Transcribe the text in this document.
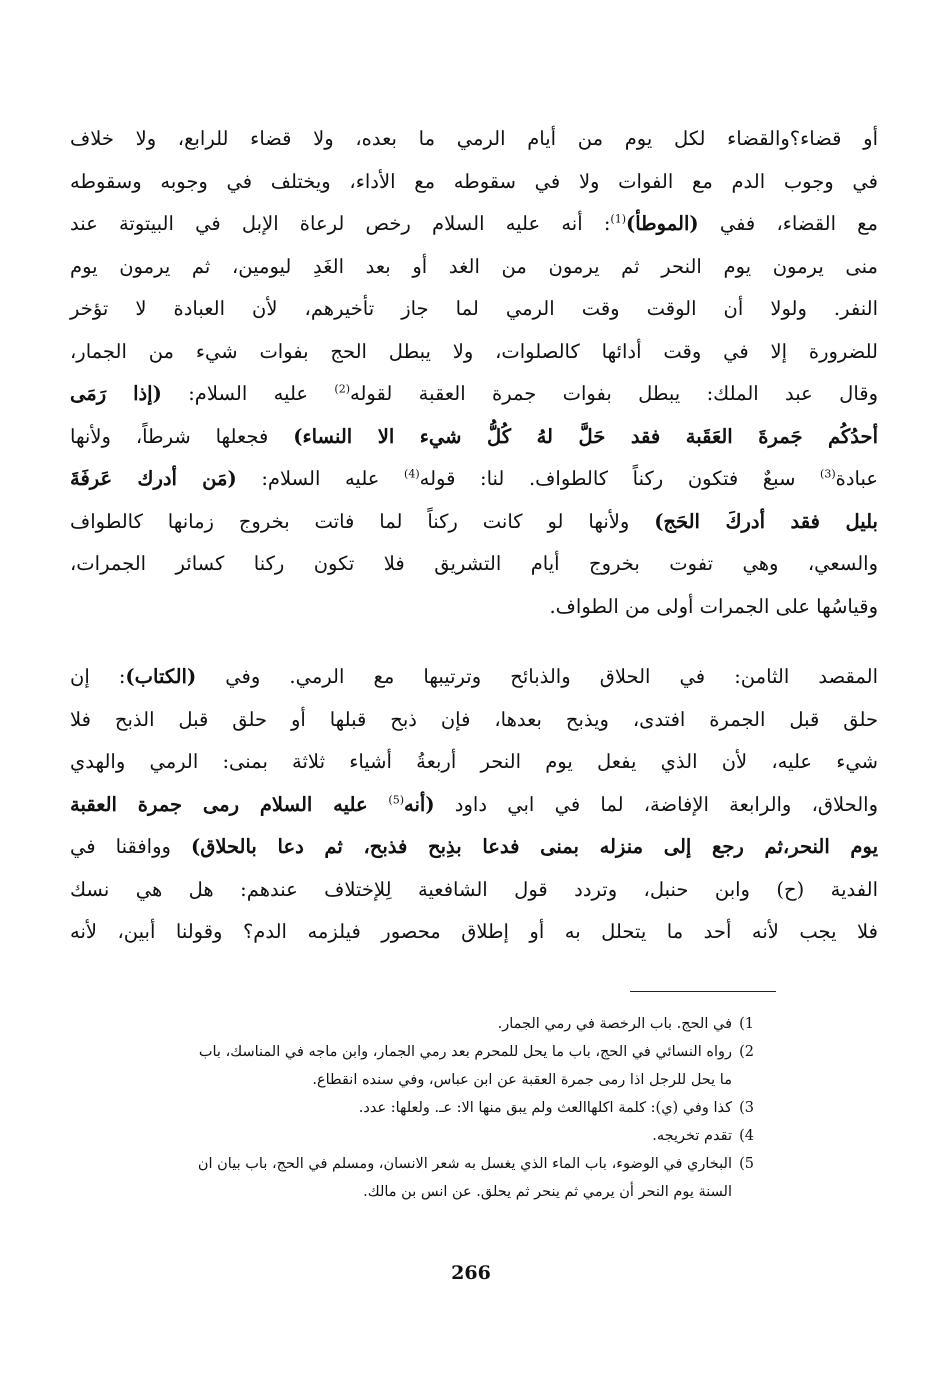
أو قضاء؟والقضاء لكل يوم من أيام الرمي ما بعده، ولا قضاء للرابع، ولا خلاف
في وجوب الدم مع الفوات ولا في سقوطه مع الأداء، ويختلف في وجوبه وسقوطه
مع القضاء، ففي (الموطأ)$^{(1)}$: أنه عليه السلام رخص لرعاة الإبل في البيتوتة عند
منى يرمون يوم النحر ثم يرمون من الغد أو بعد الغَدِ ليومين، ثم يرمون يوم
النفر. ولولا أن الوقت وقت الرمي لما جاز تأخيرهم، لأن العبادة لا تؤخر
للضرورة إلا في وقت أدائها كالصلوات، ولا يبطل الحج بفوات شيء من الجمار،
وقال عبد الملك: يبطل بفوات جمرة العقبة لقوله$^{(2)}$ عليه السلام: (إذا رَمَى
أحدُكُم جَمرةَ العَقَبة فقد حَلَّ لهُ كُلُّ شيء الا النساء) فجعلها شرطاً، ولأنها
عبادة$^{(3)}$ سبعٌ فتكون ركناً كالطواف. لنا: قوله$^{(4)}$ عليه السلام: (مَن أدرك عَرفَةَ
بليل فقد أدركَ الحَج) ولأنها لو كانت ركناً لما فاتت بخروج زمانها كالطواف
والسعي، وهي تفوت بخروج أيام التشريق فلا تكون ركنا كسائر الجمرات،
وقياسُها على الجمرات أولى من الطواف.

المقصد الثامن: في الحلاق والذبائح وترتيبها مع الرمي. وفي (الكتاب): إن
حلق قبل الجمرة افتدى، ويذبح بعدها، فإن ذبح قبلها أو حلق قبل الذبح فلا
شيء عليه، لأن الذي يفعل يوم النحر أربعةُ أشياء ثلاثة بمنى: الرمي والهدي
والحلاق، والرابعة الإفاضة، لما في ابي داود (أنه$^{(5)}$ عليه السلام رمى جمرة العقبة
يوم النحر،ثم رجع إلى منزله بمنى فدعا بذِبح فذبح، ثم دعا بالحلاق) ووافقنا في
الفدية (ح) وابن حنبل، وتردد قول الشافعية لِلإختلاف عندهم: هل هي نسك
فلا يجب لأنه أحد ما يتحلل به أو إطلاق محصور فيلزمه الدم؟ وقولنا أبين، لأنه

1)في الحج. باب الرخصة في رمي الجمار.
2)رواه النسائي في الحج، باب ما يحل للمحرم بعد رمي الجمار، وابن ماجه في المناسك، باب
ما يحل للرجل اذا رمى جمرة العقبة عن ابن عباس، وفي سنده انقطاع.
3)كذا وفي (ي): كلمة اكلهاالعث ولم يبق منها الا: عـ. ولعلها: عدد.
4)تقدم تخريجه.
5)البخاري في الوضوء، باب الماء الذي يغسل به شعر الانسان، ومسلم في الحج، باب بيان ان
السنة يوم النحر أن يرمي ثم ينحر ثم يحلق. عن انس بن مالك.
266
